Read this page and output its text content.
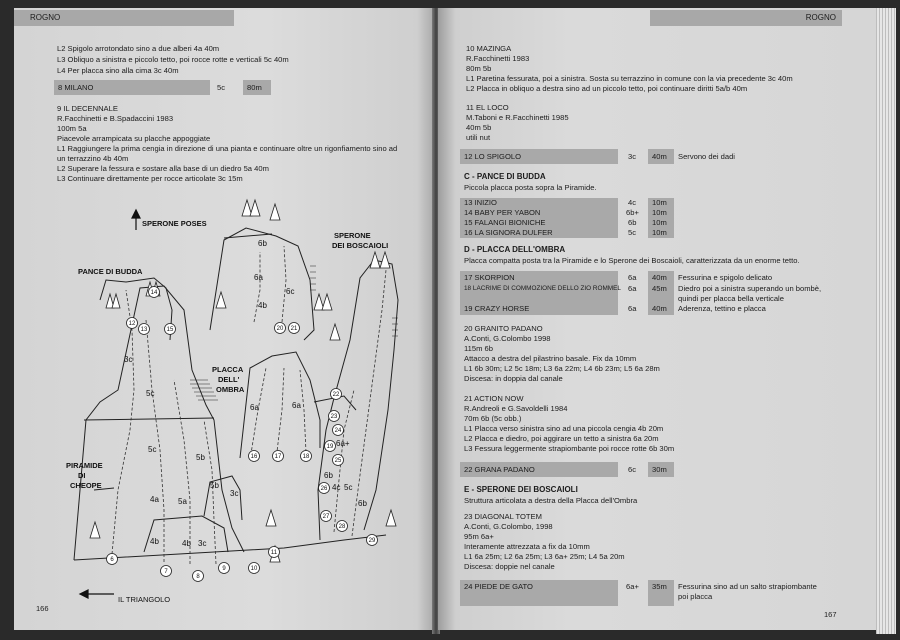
ROGNO
L2 Spigolo arrotondato sino a due alberi 4a 40m
L3 Obliquo a sinistra e piccolo tetto, poi rocce rotte e verticali 5c 40m
L4 Per placca sino alla cima 3c 40m
8 MILANO	5c	80m
9 IL DECENNALE
R.Facchinetti e B.Spadaccini 1983
100m 5a
Piacevole arrampicata su placche appoggiate
L1 Raggiungere la prima cengia in direzione di una pianta e continuare oltre un rigonfiamento sino ad
un terrazzino 4b 40m
L2 Superare la fessura e sostare alla base di un diedro 5a 40m
L3 Continuare direttamente per rocce articolate 3c 15m
SPERONE POSES
SPERONE
DEI BOSCAIOLI
PANCE DI BUDDA
PLACCA
DELL'
OMBRA
PIRAMIDE
DI
CHEOPE
IL TRIANGOLO
6b
6a
6c
4b
3c
5c
5c
5b
5a
4a
4b	4b 3c
5b
3c
6a	6a
6a+
6b
4c 5c
6b
6
7
8
9	10
11
12
13
14
15
16	17	18
19
20 21
22
23
24
25
26
27
28
29
166
ROGNO
10 MAZINGA
R.Facchinetti 1983
80m 5b
L1 Paretina fessurata, poi a sinistra. Sosta su terrazzino in comune con la via precedente 3c 40m
L2 Placca in obliquo a destra sino ad un piccolo tetto, poi continuare diritti 5a/b 40m
11 EL LOCO
M.Taboni e R.Facchinetti 1985
40m 5b
utili nut
12 LO SPIGOLO	3c 40m Servono dei dadi
C - PANCE DI BUDDA
Piccola placca posta sopra la Piramide.
13 INIZIO	4c 10m
14 BABY PER YABON	6b+ 10m
15 FALANGI BIONICHE	6b 10m
16 LA SIGNORA DULFER	5c 10m
D - PLACCA DELL'OMBRA
Placca compatta posta tra la Piramide e lo Sperone dei Boscaioli, caratterizzata da un enorme tetto.
17 SKORPION	6a 40m Fessurina e spigolo delicato
18 LACRIME DI COMMOZIONE DELLO ZIO ROMMEL 6a 45m Diedro poi a sinistra superando un bombè,
quindi per placca bella verticale
19 CRAZY HORSE	6a 40m Aderenza, tettino e placca
20 GRANITO PADANO
A.Conti, G.Colombo 1998
115m 6b
Attacco a destra del pilastrino basale. Fix da 10mm
L1 6b 30m; L2 5c 18m; L3 6a 22m; L4 6b 23m; L5 6a 28m
Discesa: in doppia dal canale
21 ACTION NOW
R.Andreoli e G.Savoldelli 1984
70m 6b (5c obb.)
L1 Placca verso sinistra sino ad una piccola cengia 4b 20m
L2 Placca e diedro, poi aggirare un tetto a sinistra 6a 20m
L3 Fessura leggermente strapiombante poi rocce rotte 6b 30m
22 GRANA PADANO	6c 30m
E - SPERONE DEI BOSCAIOLI
Struttura articolata a destra della Placca dell'Ombra
23 DIAGONAL TOTEM
A.Conti, G.Colombo, 1998
95m 6a+
Interamente attrezzata a fix da 10mm
L1 6a 25m; L2 6a 25m; L3 6a+ 25m; L4 5a 20m
Discesa: doppie nel canale
24 PIEDE DE GATO	6a+ 35m Fessurina sino ad un salto strapiombante
poi placca
167
